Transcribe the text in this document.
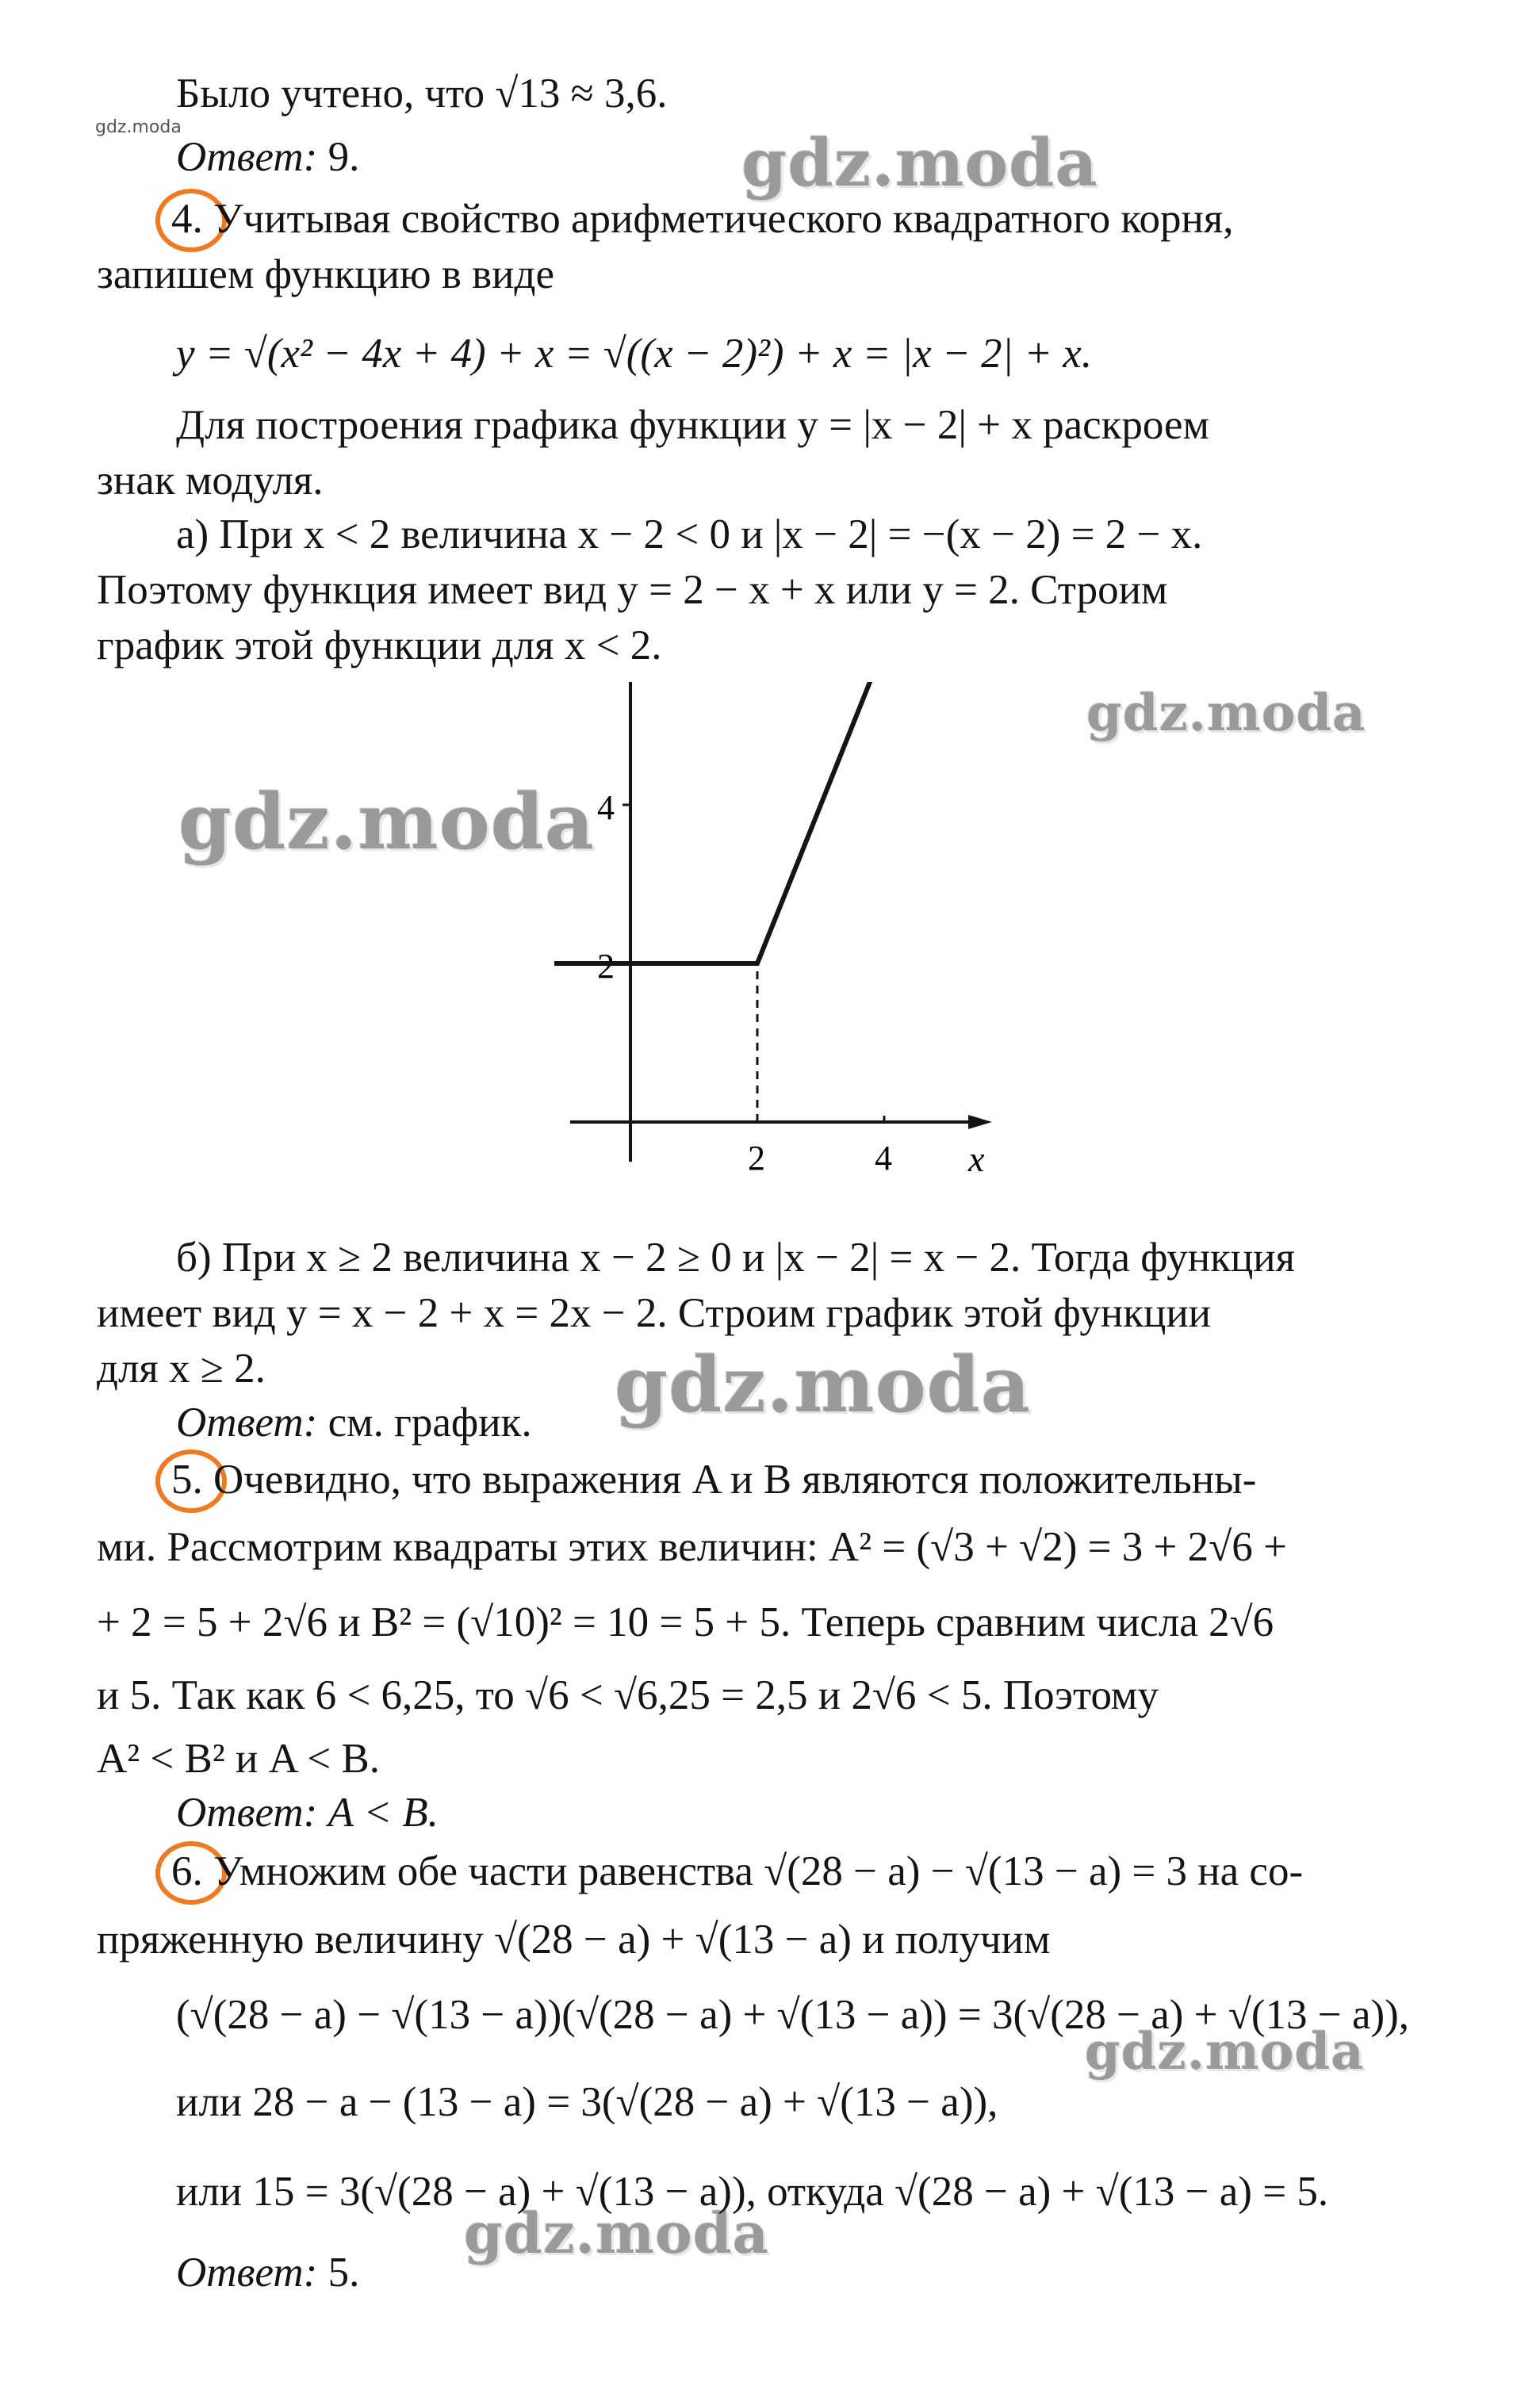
gdz.moda
Было учтено, что √13 ≈ 3,6.
Ответ: 9.
4. Учитывая свойство арифметического квадратного корня,
запишем функцию в виде
y = √(x² − 4x + 4) + x = √((x − 2)²) + x = |x − 2| + x.
Для построения графика функции y = |x − 2| + x раскроем
знак модуля.
а) При x < 2 величина x − 2 < 0 и |x − 2| = −(x − 2) = 2 − x.
Поэтому функция имеет вид y = 2 − x + x или y = 2. Строим
график этой функции для x < 2.
x
2	4
2
4
gdz.moda
gdz.moda
gdz.moda
gdz.moda
gdz.moda
gdz.moda
б) При x ≥ 2 величина x − 2 ≥ 0 и |x − 2| = x − 2. Тогда функция
имеет вид y = x − 2 + x = 2x − 2. Строим график этой функции
для x ≥ 2.
Ответ: см. график.
5. Очевидно, что выражения A и B являются положительны-
ми. Рассмотрим квадраты этих величин: A² = (√3 + √2) = 3 + 2√6 +
+ 2 = 5 + 2√6 и B² = (√10)² = 10 = 5 + 5. Теперь сравним числа 2√6
и 5. Так как 6 < 6,25, то √6 < √6,25 = 2,5 и 2√6 < 5. Поэтому
A² < B² и A < B.
Ответ: A < B.
6. Умножим обе части равенства √(28 − a) − √(13 − a) = 3 на со-
пряженную величину √(28 − a) + √(13 − a) и получим
(√(28 − a) − √(13 − a))(√(28 − a) + √(13 − a)) = 3(√(28 − a) + √(13 − a)),
или 28 − a − (13 − a) = 3(√(28 − a) + √(13 − a)),
или 15 = 3(√(28 − a) + √(13 − a)), откуда √(28 − a) + √(13 − a) = 5.
Ответ: 5.
